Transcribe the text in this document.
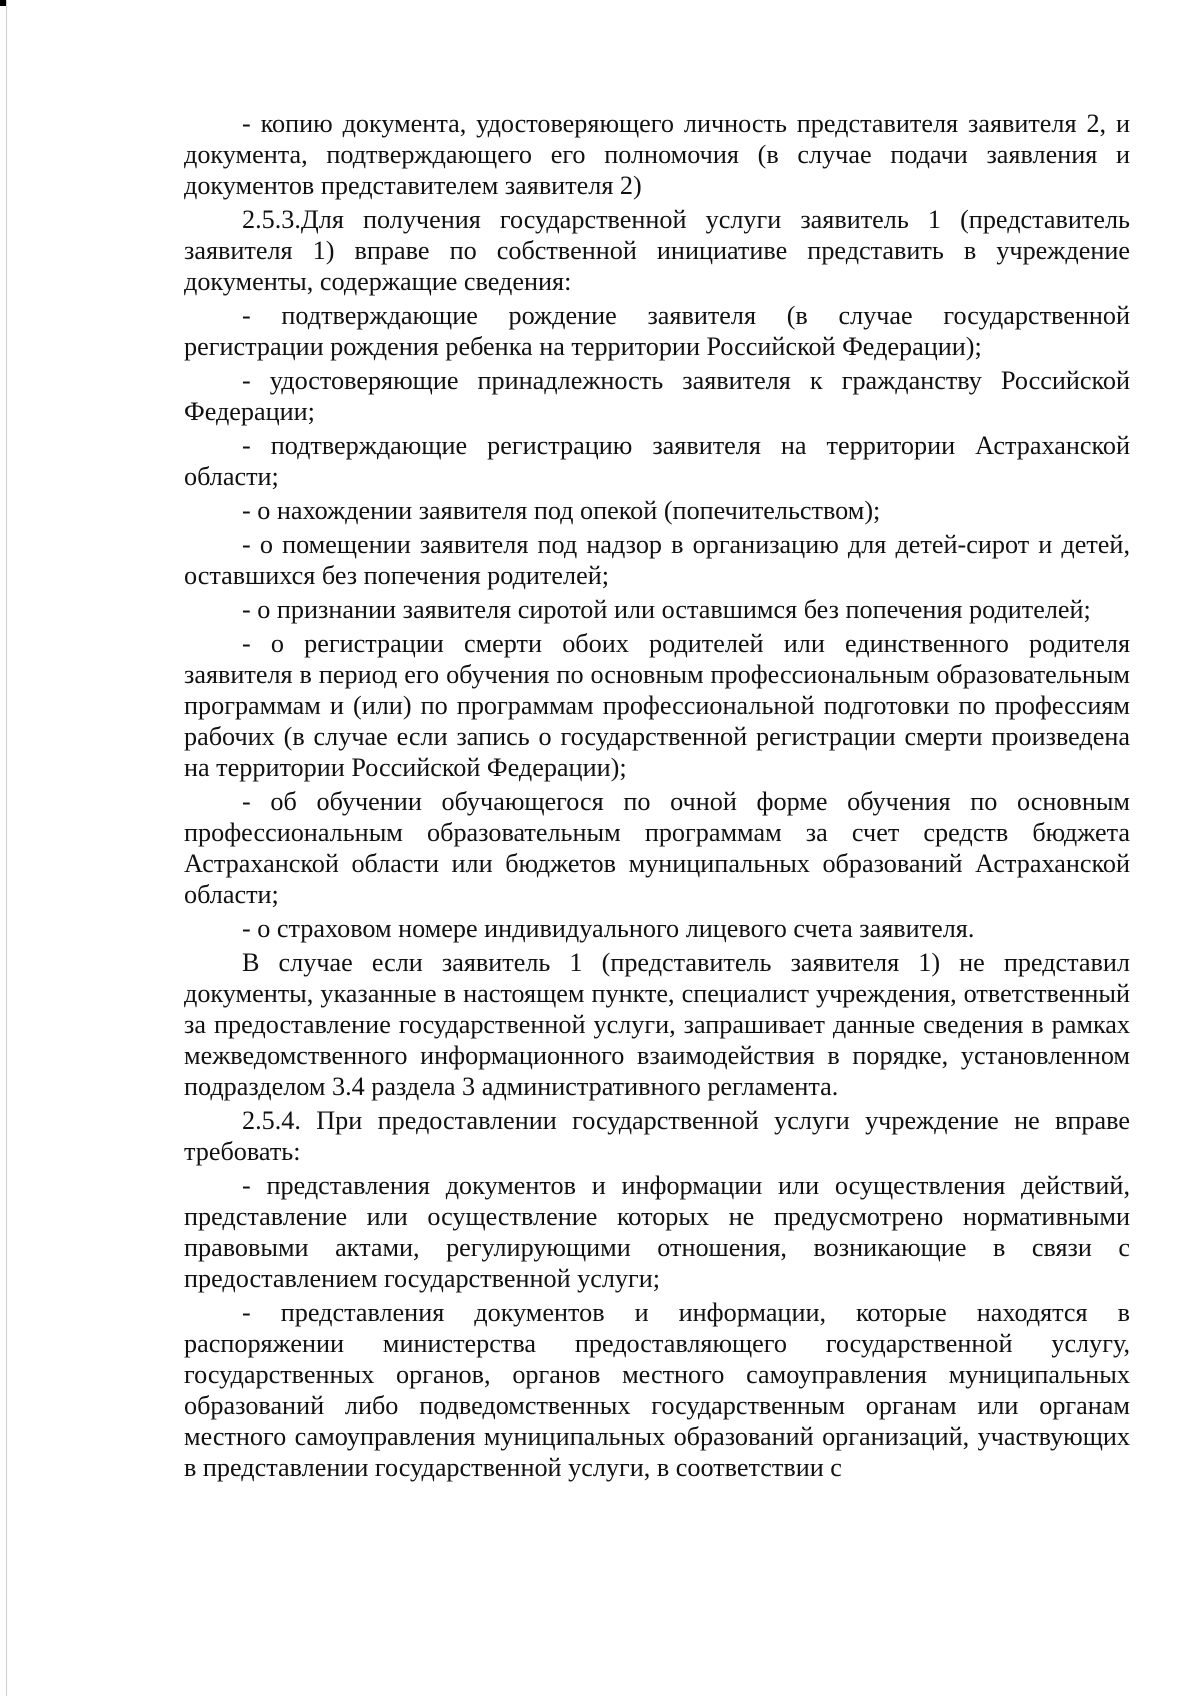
- копию документа, удостоверяющего личность представителя заявителя 2, и документа, подтверждающего его полномочия (в случае подачи заявления и документов представителем заявителя 2)

2.5.3.Для получения государственной услуги заявитель 1 (представитель заявителя 1) вправе по собственной инициативе представить в учреждение документы, содержащие сведения:

- подтверждающие рождение заявителя (в случае государственной регистрации рождения ребенка на территории Российской Федерации);

- удостоверяющие принадлежность заявителя к гражданству Российской Федерации;

- подтверждающие регистрацию заявителя на территории Астраханской области;

- о нахождении заявителя под опекой (попечительством);

- о помещении заявителя под надзор в организацию для детей-сирот и детей, оставшихся без попечения родителей;

- о признании заявителя сиротой или оставшимся без попечения родителей;

- о регистрации смерти обоих родителей или единственного родителя заявителя в период его обучения по основным профессиональным образовательным программам и (или) по программам профессиональной подготовки по профессиям рабочих (в случае если запись о государственной регистрации смерти произведена на территории Российской Федерации);

- об обучении обучающегося по очной форме обучения по основным профессиональным образовательным программам за счет средств бюджета Астраханской области или бюджетов муниципальных образований Астраханской области;

- о страховом номере индивидуального лицевого счета заявителя.

В случае если заявитель 1 (представитель заявителя 1) не представил документы, указанные в настоящем пункте, специалист учреждения, ответственный за предоставление государственной услуги, запрашивает данные сведения в рамках межведомственного информационного взаимодействия в порядке, установленном подразделом 3.4 раздела 3 административного регламента.

2.5.4. При предоставлении государственной услуги учреждение не вправе требовать:

- представления документов и информации или осуществления действий, представление или осуществление которых не предусмотрено нормативными правовыми актами, регулирующими отношения, возникающие в связи с предоставлением государственной услуги;

- представления документов и информации, которые находятся в распоряжении министерства предоставляющего государственной услугу, государственных органов, органов местного самоуправления муниципальных образований либо подведомственных государственным органам или органам местного самоуправления муниципальных образований организаций, участвующих в представлении государственной услуги, в соответствии с
